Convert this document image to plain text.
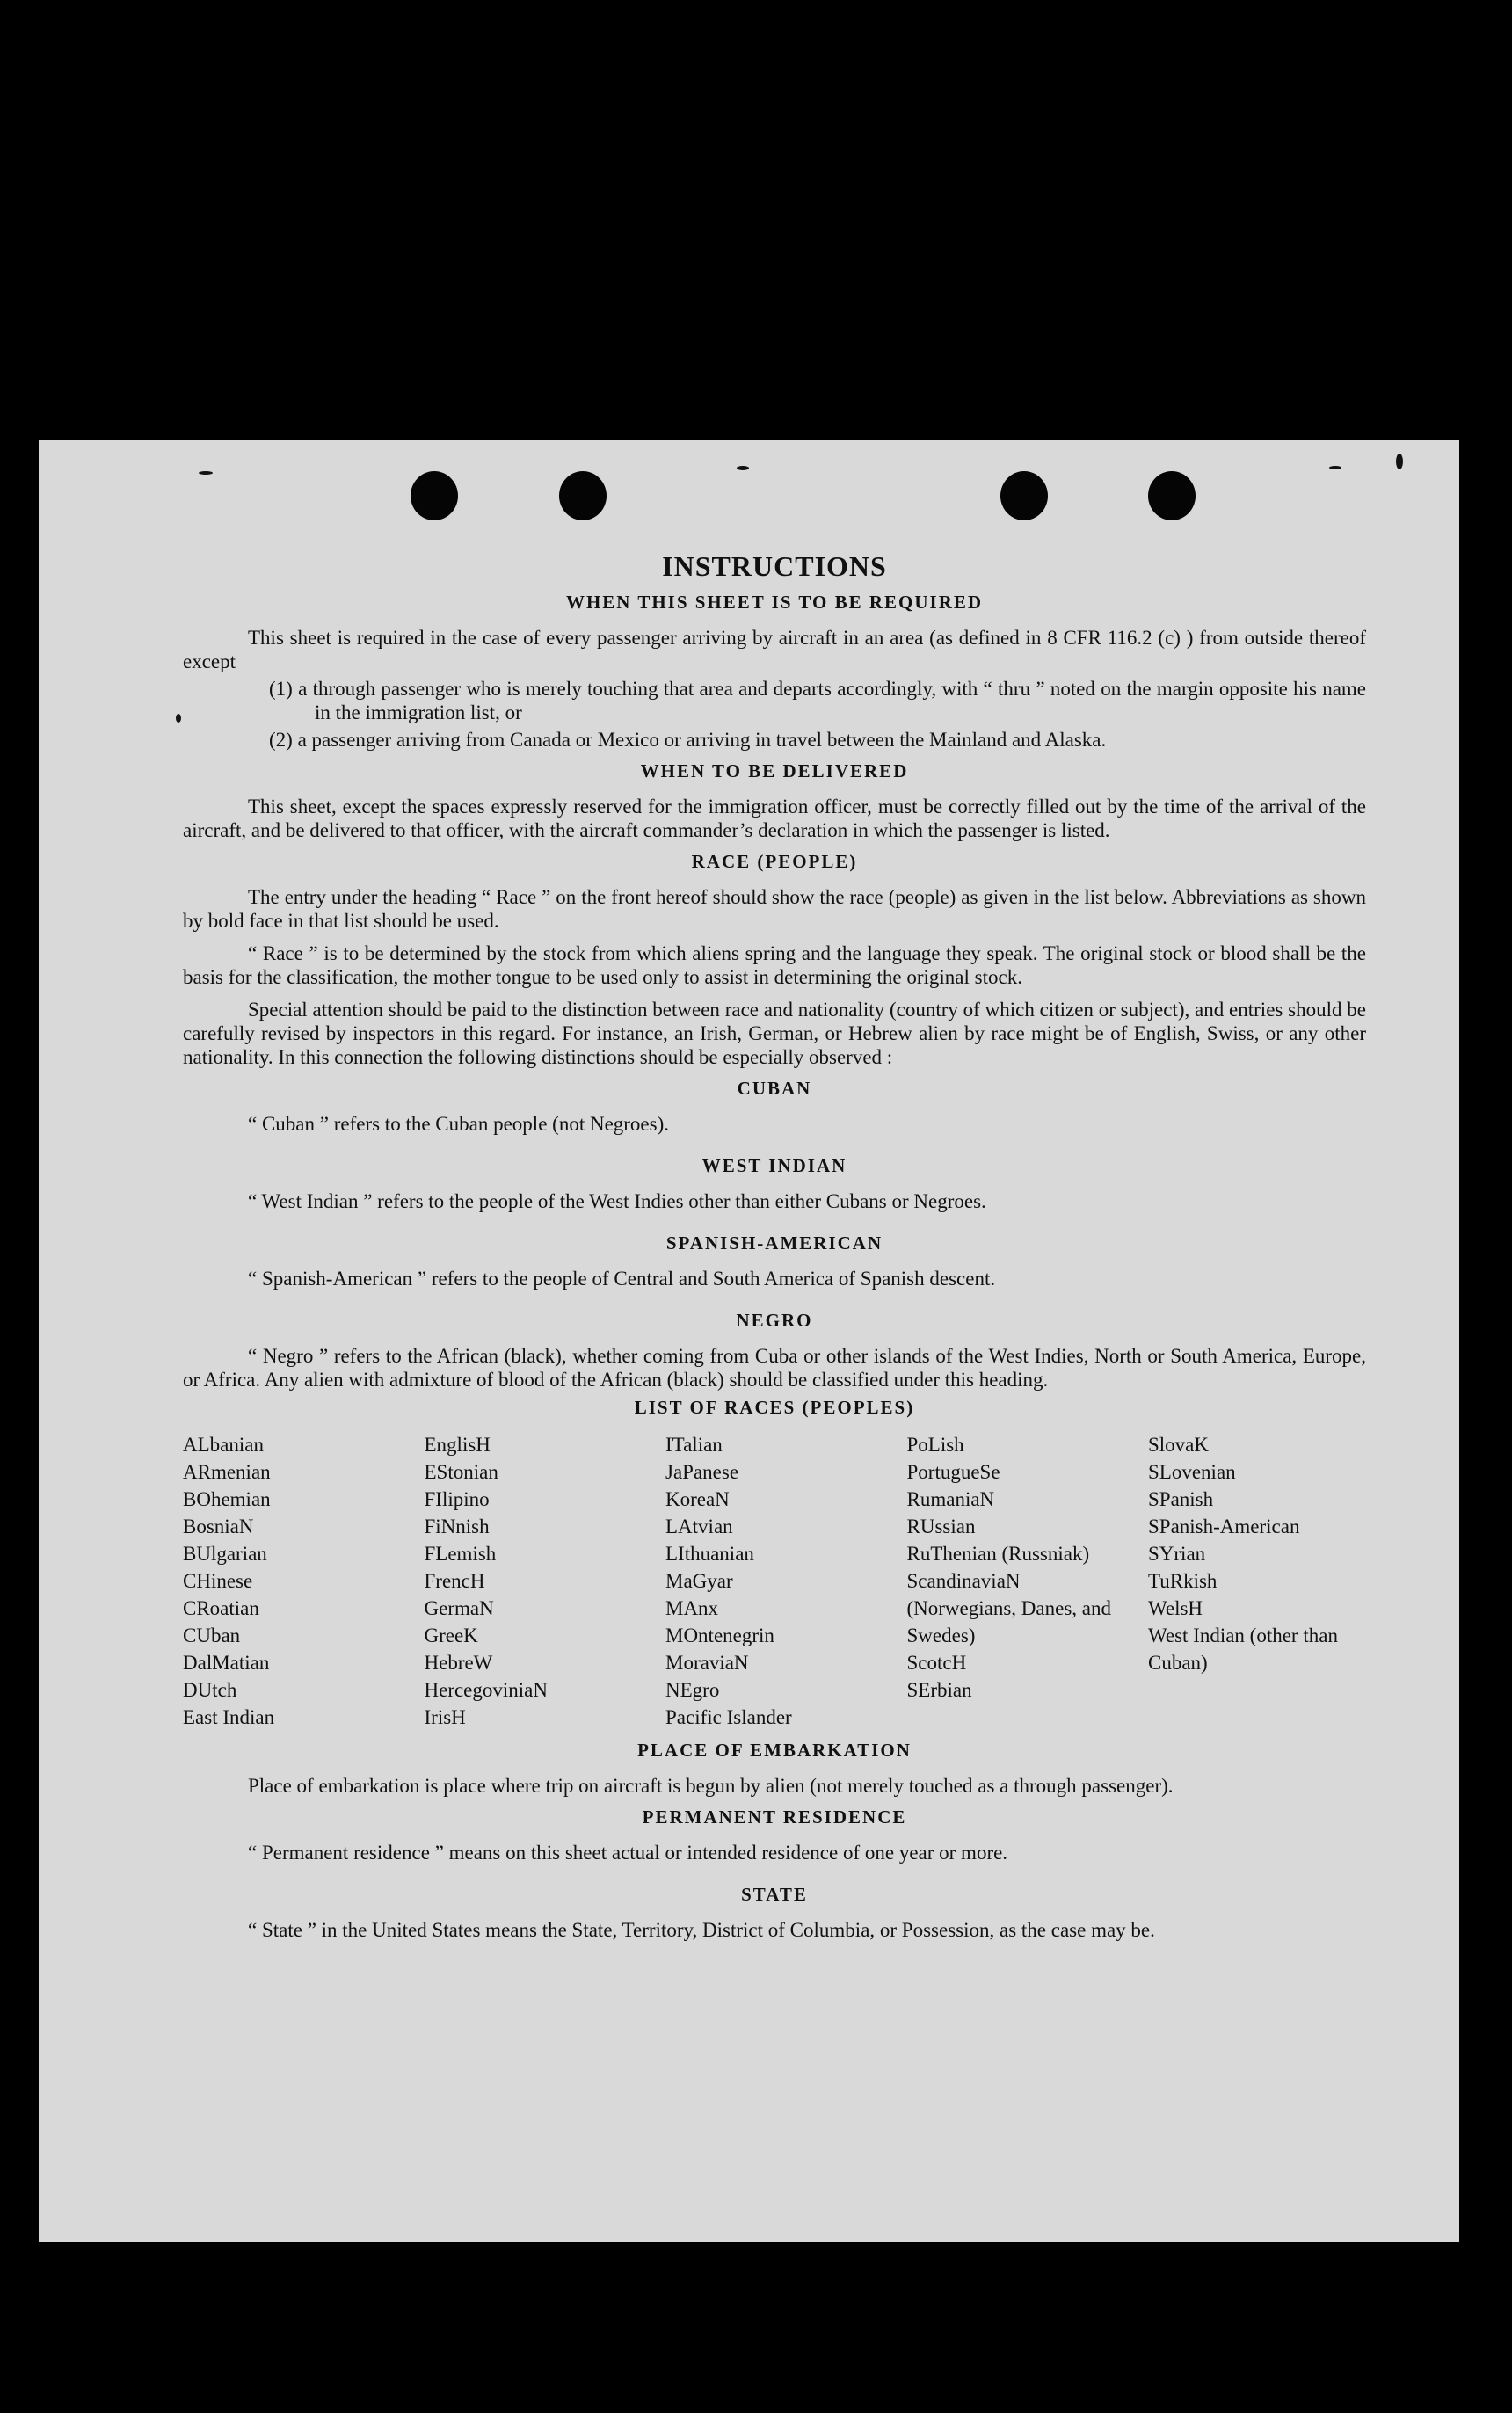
INSTRUCTIONS
WHEN THIS SHEET IS TO BE REQUIRED

This sheet is required in the case of every passenger arriving by aircraft in an area (as defined in 8 CFR 116.2 (c) ) from outside thereof except

(1) a through passenger who is merely touching that area and departs accordingly, with “ thru ” noted on the margin opposite his name in the immigration list, or

(2) a passenger arriving from Canada or Mexico or arriving in travel between the Mainland and Alaska.

WHEN TO BE DELIVERED

This sheet, except the spaces expressly reserved for the immigration officer, must be correctly filled out by the time of the arrival of the aircraft, and be delivered to that officer, with the aircraft commander’s declaration in which the passenger is listed.

RACE (PEOPLE)

The entry under the heading “ Race ” on the front hereof should show the race (people) as given in the list below. Abbreviations as shown by bold face in that list should be used.

“ Race ” is to be determined by the stock from which aliens spring and the language they speak. The original stock or blood shall be the basis for the classification, the mother tongue to be used only to assist in determining the original stock.

Special attention should be paid to the distinction between race and nationality (country of which citizen or subject), and entries should be carefully revised by inspectors in this regard. For instance, an Irish, German, or Hebrew alien by race might be of English, Swiss, or any other nationality. In this connection the following distinctions should be especially observed :

CUBAN

“ Cuban ” refers to the Cuban people (not Negroes).

WEST INDIAN

“ West Indian ” refers to the people of the West Indies other than either Cubans or Negroes.

SPANISH-AMERICAN

“ Spanish-American ” refers to the people of Central and South America of Spanish descent.

NEGRO

“ Negro ” refers to the African (black), whether coming from Cuba or other islands of the West Indies, North or South America, Europe, or Africa. Any alien with admixture of blood of the African (black) should be classified under this heading.

LIST OF RACES (PEOPLES)
ALbanian
ARmenian
BOhemian
BosniaN
BUlgarian
CHinese
CRoatian
CUban
DalMatian
DUtch
East Indian
EnglisH
EStonian
FIlipino
FiNnish
FLemish
FrencH
GermaN
GreeK
HebreW
HercegoviniaN
IrisH
ITalian
JaPanese
KoreaN
LAtvian
LIthuanian
MaGyar
MAnx
MOntenegrin
MoraviaN
NEgro
Pacific Islander
PoLish
PortugueSe
RumaniaN
RUssian
RuThenian (Russniak)
ScandinaviaN (Norwegians, Danes, and Swedes)
ScotcH
SErbian
SlovaK
SLovenian
SPanish
SPanish-American
SYrian
TuRkish
WelsH
West Indian (other than Cuban)
PLACE OF EMBARKATION

Place of embarkation is place where trip on aircraft is begun by alien (not merely touched as a through passenger).

PERMANENT RESIDENCE

“ Permanent residence ” means on this sheet actual or intended residence of one year or more.

STATE

“ State ” in the United States means the State, Territory, District of Columbia, or Possession, as the case may be.
